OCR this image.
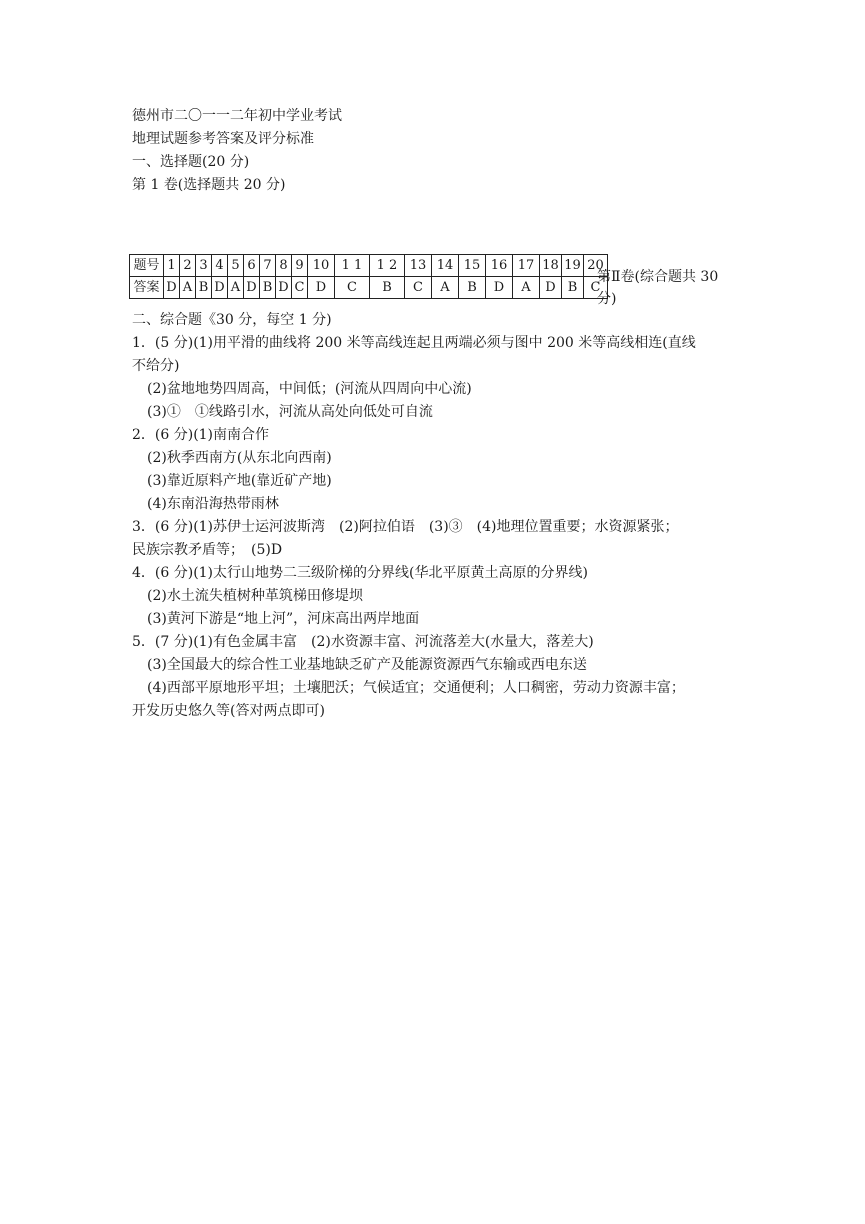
德州市二〇一一二年初中学业考试
地理试题参考答案及评分标准
一、选择题(20 分)
第 1 卷(选择题共 20 分)
题号	1	2	3	4	5	6	7	8	9	10	1 1	1 2	13	14	15	16	17	18	19	20
答案	D	A	B	D	A	D	B	D	C	D	C	B	C	A	B	D	A	D	B	C
第Ⅱ卷(综合题共 30
分)
二、综合题《30 分，每空 1 分)
1．(5 分)(1)用平滑的曲线将 200 米等高线连起且两端必须与图中 200 米等高线相连(直线
不给分)
(2)盆地地势四周高，中间低；(河流从四周向中心流)
(3)①　①线路引水，河流从高处向低处可自流
2．(6 分)(1)南南合作
(2)秋季西南方(从东北向西南)
(3)靠近原料产地(靠近矿产地)
(4)东南沿海热带雨林
3．(6 分)(1)苏伊士运河波斯湾　(2)阿拉伯语　(3)③　(4)地理位置重要；水资源紧张；
民族宗教矛盾等；　(5)D
4．(6 分)(1)太行山地势二三级阶梯的分界线(华北平原黄土高原的分界线)
(2)水土流失植树种革筑梯田修堤坝
(3)黄河下游是“地上河”，河床高出两岸地面
5．(7 分)(1)有色金属丰富　(2)水资源丰富、河流落差大(水量大，落差大)
(3)全国最大的综合性工业基地缺乏矿产及能源资源西气东输或西电东送
(4)西部平原地形平坦；土壤肥沃；气候适宜；交通便利；人口稠密，劳动力资源丰富；
开发历史悠久等(答对两点即可)
